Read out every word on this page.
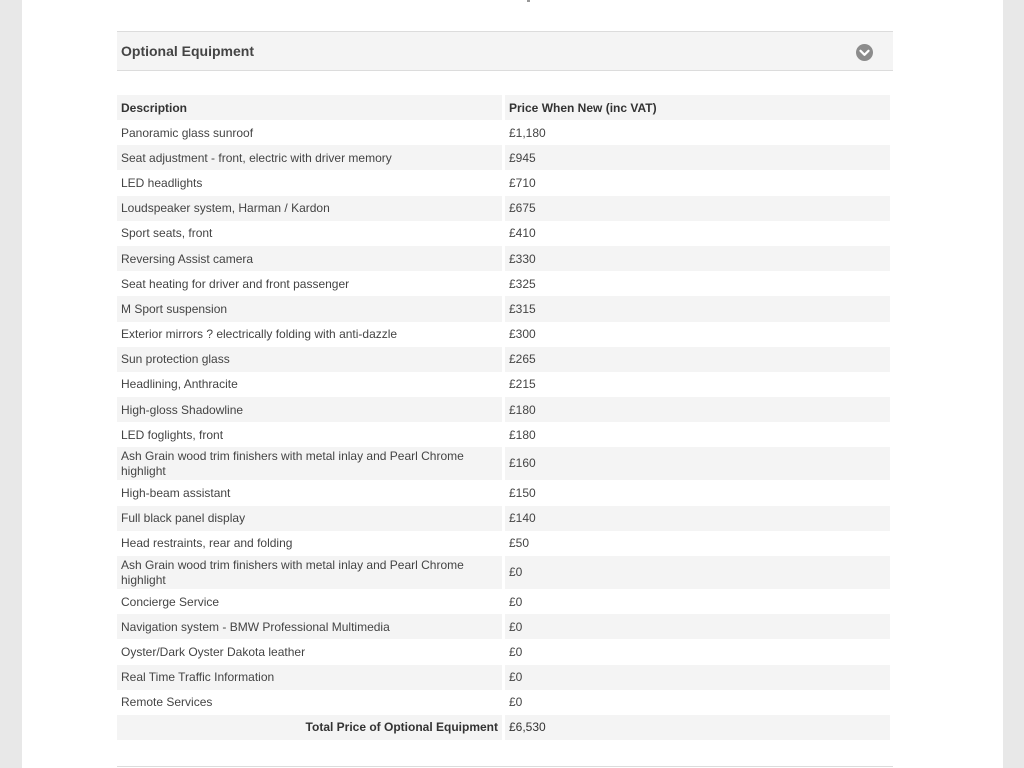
Optional Equipment
Description	Price When New (inc VAT)
Panoramic glass sunroof	£1,180
Seat adjustment - front, electric with driver memory	£945
LED headlights	£710
Loudspeaker system, Harman / Kardon	£675
Sport seats, front	£410
Reversing Assist camera	£330
Seat heating for driver and front passenger	£325
M Sport suspension	£315
Exterior mirrors ? electrically folding with anti-dazzle	£300
Sun protection glass	£265
Headlining, Anthracite	£215
High-gloss Shadowline	£180
LED foglights, front	£180
Ash Grain wood trim finishers with metal inlay and Pearl Chrome highlight	£160
High-beam assistant	£150
Full black panel display	£140
Head restraints, rear and folding	£50
Ash Grain wood trim finishers with metal inlay and Pearl Chrome highlight	£0
Concierge Service	£0
Navigation system - BMW Professional Multimedia	£0
Oyster/Dark Oyster Dakota leather	£0
Real Time Traffic Information	£0
Remote Services	£0
Total Price of Optional Equipment	£6,530
